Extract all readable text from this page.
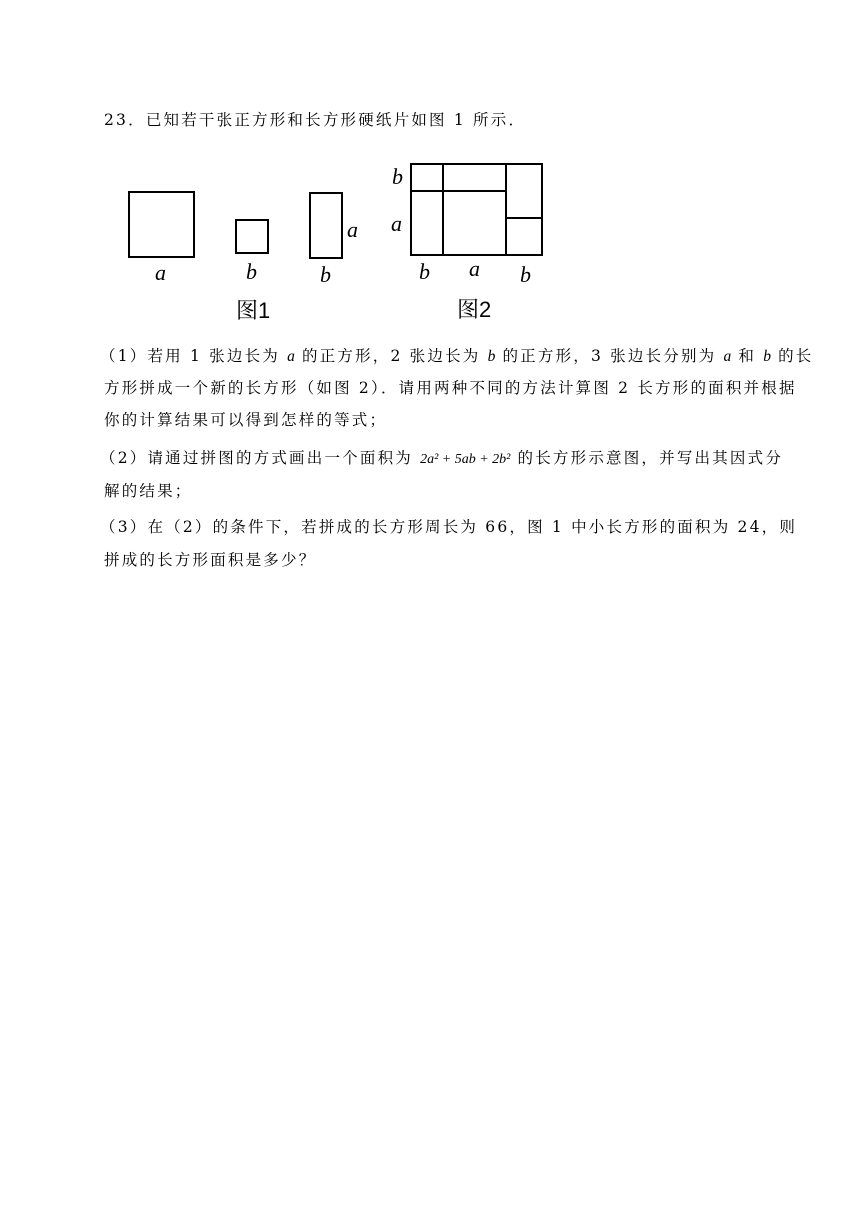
23．已知若干张正方形和长方形硬纸片如图 1 所示．
a	b
a
b
图1
b
a
b a b
图2
（1）若用 1 张边长为 a 的正方形，2 张边长为 b 的正方形，3 张边长分别为 a 和 b 的长
方形拼成一个新的长方形（如图 2）．请用两种不同的方法计算图 2 长方形的面积并根据
你的计算结果可以得到怎样的等式；
（2）请通过拼图的方式画出一个面积为 2a² + 5ab + 2b² 的长方形示意图，并写出其因式分
解的结果；
（3）在（2）的条件下，若拼成的长方形周长为 66，图 1 中小长方形的面积为 24，则
拼成的长方形面积是多少？
